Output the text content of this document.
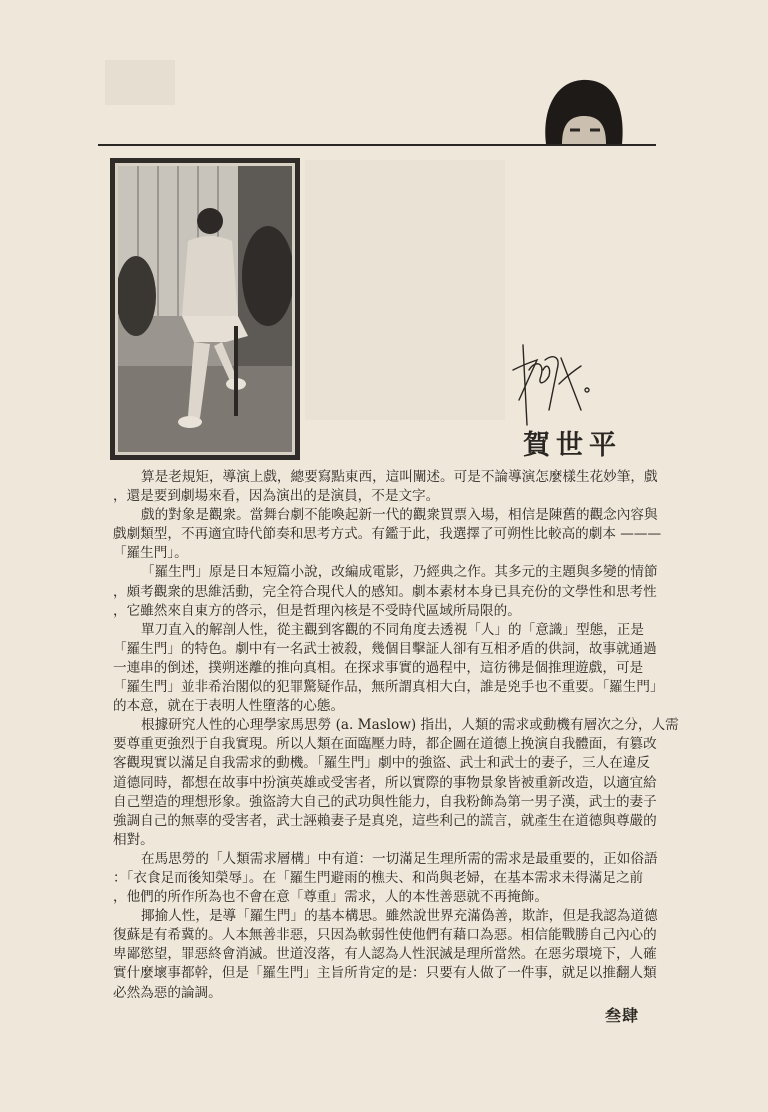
賀世平
算是老規矩，導演上戲，總要寫點東西，這叫闡述。可是不論導演怎麼樣生花妙筆，戲
，還是要到劇場來看，因為演出的是演員，不是文字。
戲的對象是觀衆。當舞台劇不能喚起新一代的觀衆買票入場，相信是陳舊的觀念內容與
戲劇類型，不再適宜時代節奏和思考方式。有鑑于此，我選擇了可朔性比較高的劇本 ———
「羅生門」。
「羅生門」原是日本短篇小說，改編成電影，乃經典之作。其多元的主題與多變的情節
，頗考觀衆的思維活動，完全符合現代人的感知。劇本素材本身已具充份的文學性和思考性
，它雖然來自東方的啓示，但是哲理內核是不受時代區域所局限的。
單刀直入的解剖人性，從主觀到客觀的不同角度去透視「人」的「意識」型態，正是
「羅生門」的特色。劇中有一名武士被殺，幾個目擊証人卻有互相矛盾的供詞，故事就通過
一連串的倒述，撲朔迷離的推向真相。在探求事實的過程中，這彷彿是個推理遊戲，可是
「羅生門」並非希治閣似的犯罪驚疑作品，無所謂真相大白，誰是兇手也不重要。「羅生門」
的本意，就在于表明人性墮落的心態。
根據研究人性的心理學家馬思勞 (a. Maslow) 指出，人類的需求或動機有層次之分，人需
要尊重更強烈于自我實現。所以人類在面臨壓力時，都企圖在道德上挽演自我體面，有篡改
客觀現實以滿足自我需求的動機。「羅生門」劇中的強盜、武士和武士的妻子，三人在違反
道德同時，都想在故事中扮演英雄或受害者，所以實際的事物景象皆被重新改造，以適宜給
自己塑造的理想形象。強盜誇大自己的武功與性能力，自我粉飾為第一男子漢，武士的妻子
強調自己的無辜的受害者，武士誣賴妻子是真兇，這些利己的謊言，就產生在道德與尊嚴的
相對。
在馬思勞的「人類需求層構」中有道：一切滿足生理所需的需求是最重要的，正如俗語
：「衣食足而後知榮辱」。在「羅生門避雨的樵夫、和尚與老婦，在基本需求未得滿足之前
，他們的所作所為也不會在意「尊重」需求，人的本性善惡就不再掩飾。
揶揄人性，是導「羅生門」的基本構思。雖然說世界充滿偽善，欺詐，但是我認為道德
復蘇是有希冀的。人本無善非惡，只因為軟弱性使他們有藉口為惡。相信能戰勝自己內心的
卑鄙慾望，罪惡終會消滅。世道沒落，有人認為人性泯滅是理所當然。在惡劣環境下，人確
實什麼壞事都幹，但是「羅生門」主旨所肯定的是：只要有人做了一件事，就足以推翻人類
必然為惡的論調。
叁肆
